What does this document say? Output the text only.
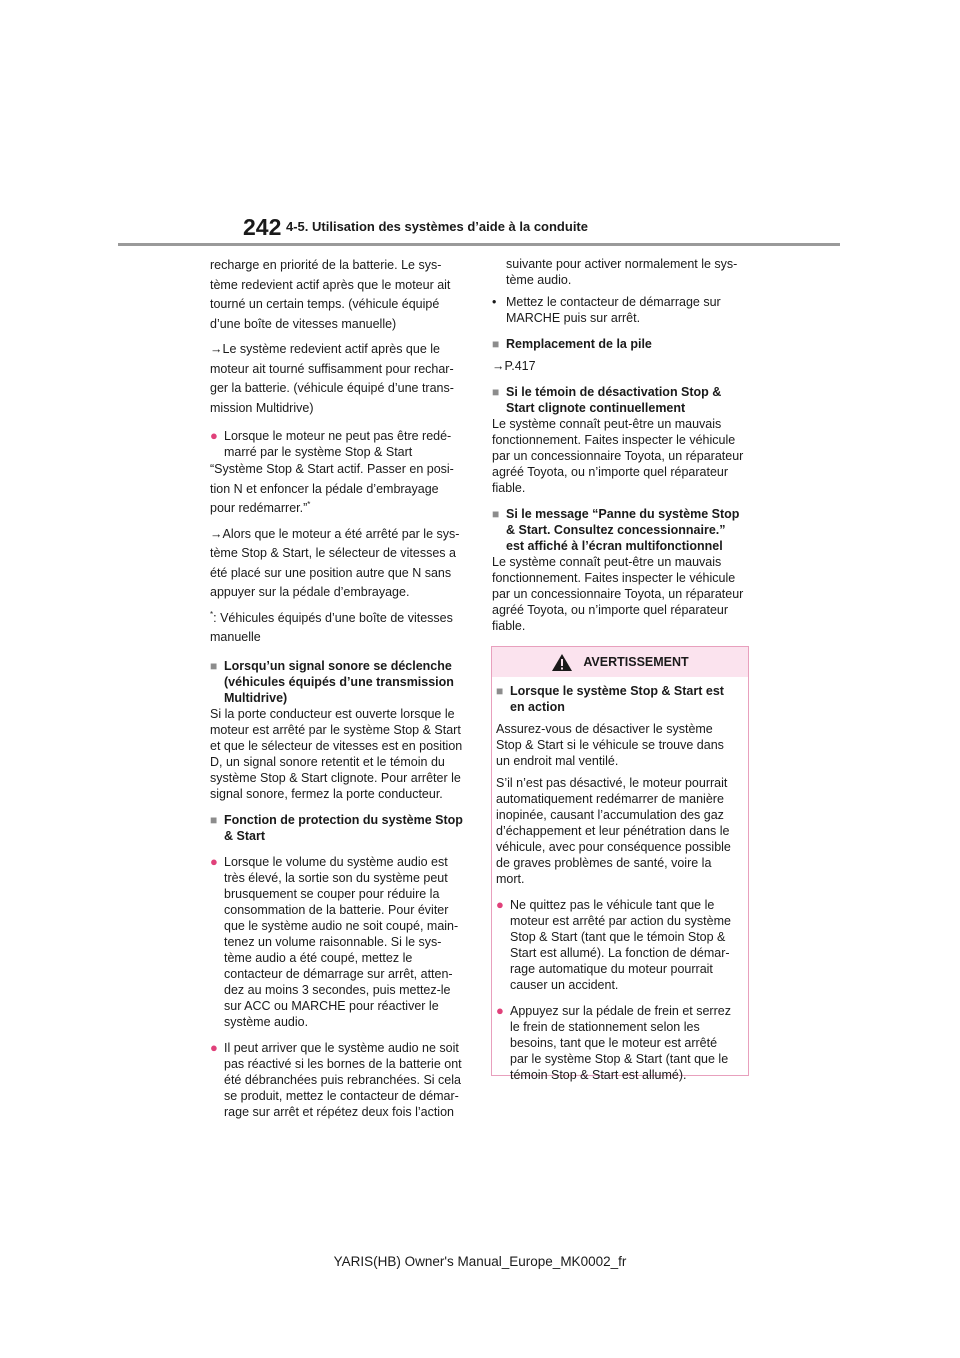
242 4-5. Utilisation des systèmes d’aide à la conduite

recharge en priorité de la batterie. Le sys-
tème redevient actif après que le moteur ait
tourné un certain temps. (véhicule équipé
d’une boîte de vitesses manuelle)

→Le système redevient actif après que le
moteur ait tourné suffisamment pour rechar-
ger la batterie. (véhicule équipé d’une trans-
mission Multidrive)

● Lorsque le moteur ne peut pas être redé-
marré par le système Stop & Start

“Système Stop & Start actif. Passer en posi-
tion N et enfoncer la pédale d’embrayage
pour redémarrer.”*

→Alors que le moteur a été arrêté par le sys-
tème Stop & Start, le sélecteur de vitesses a
été placé sur une position autre que N sans
appuyer sur la pédale d’embrayage.

*: Véhicules équipés d’une boîte de vitesses
manuelle

■ Lorsqu’un signal sonore se déclenche
(véhicules équipés d’une transmission
Multidrive)

Si la porte conducteur est ouverte lorsque le
moteur est arrêté par le système Stop & Start
et que le sélecteur de vitesses est en position
D, un signal sonore retentit et le témoin du
système Stop & Start clignote. Pour arrêter le
signal sonore, fermez la porte conducteur.

■ Fonction de protection du système Stop
& Start
● Lorsque le volume du système audio est
très élevé, la sortie son du système peut
brusquement se couper pour réduire la
consommation de la batterie. Pour éviter
que le système audio ne soit coupé, main-
tenez un volume raisonnable. Si le sys-
tème audio a été coupé, mettez le
contacteur de démarrage sur arrêt, atten-
dez au moins 3 secondes, puis mettez-le
sur ACC ou MARCHE pour réactiver le
système audio.
● Il peut arriver que le système audio ne soit
pas réactivé si les bornes de la batterie ont
été débranchées puis rebranchées. Si cela
se produit, mettez le contacteur de démar-
rage sur arrêt et répétez deux fois l’action

suivante pour activer normalement le sys-
tème audio.

• Mettez le contacteur de démarrage sur
MARCHE puis sur arrêt.
■ Remplacement de la pile

→P.417

■ Si le témoin de désactivation Stop &
Start clignote continuellement

Le système connaît peut-être un mauvais
fonctionnement. Faites inspecter le véhicule
par un concessionnaire Toyota, un réparateur
agréé Toyota, ou n’importe quel réparateur
fiable.

■ Si le message “Panne du système Stop
& Start. Consultez concessionnaire.”
est affiché à l’écran multifonctionnel

Le système connaît peut-être un mauvais
fonctionnement. Faites inspecter le véhicule
par un concessionnaire Toyota, un réparateur
agréé Toyota, ou n’importe quel réparateur
fiable.

AVERTISSEMENT
■ Lorsque le système Stop & Start est
en action

Assurez-vous de désactiver le système
Stop & Start si le véhicule se trouve dans
un endroit mal ventilé.

S’il n’est pas désactivé, le moteur pourrait
automatiquement redémarrer de manière
inopinée, causant l’accumulation des gaz
d’échappement et leur pénétration dans le
véhicule, avec pour conséquence possible
de graves problèmes de santé, voire la
mort.

● Ne quittez pas le véhicule tant que le
moteur est arrêté par action du système
Stop & Start (tant que le témoin Stop &
Start est allumé). La fonction de démar-
rage automatique du moteur pourrait
causer un accident.
● Appuyez sur la pédale de frein et serrez
le frein de stationnement selon les
besoins, tant que le moteur est arrêté
par le système Stop & Start (tant que le
témoin Stop & Start est allumé).
YARIS(HB) Owner's Manual_Europe_MK0002_fr
